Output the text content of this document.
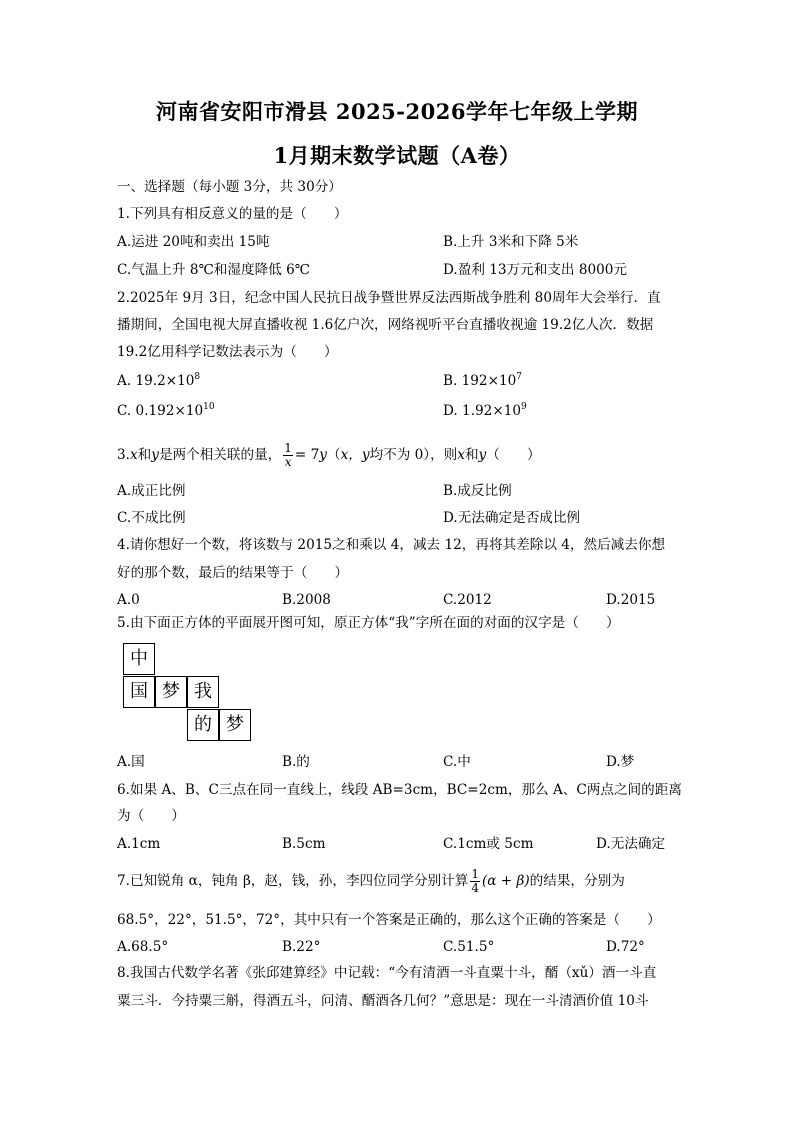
河南省安阳市滑县 2025-2026学年七年级上学期
1月期末数学试题（A卷）
一、选择题（每小题 3分，共 30分）
1.下列具有相反意义的量的是（　　）
A.运进 20吨和卖出 15吨	B.上升 3米和下降 5米
C.气温上升 8℃和湿度降低 6℃	D.盈利 13万元和支出 8000元
2.2025年 9月 3日，纪念中国人民抗日战争暨世界反法西斯战争胜利 80周年大会举行．直
播期间，全国电视大屏直播收视 1.6亿户次，网络视听平台直播收视逾 19.2亿人次．数据
19.2亿用科学记数法表示为（　　）
A. $19.2\times 10^8$	B. $192\times 10^7$
C. $0.192\times 10^{10}$	D. $1.92\times 10^9$
3.x和y是两个相关联的量， $\frac{1}{x} = 7y(x$，y均不为 0），则x和y（　　）
A.成正比例	B.成反比例
C.不成比例	D.无法确定是否成比例
4.请你想好一个数，将该数与 2015之和乘以 4，减去 12，再将其差除以 4，然后减去你想
好的那个数，最后的结果等于（　　）
A.0	B.2008	C.2012	D.2015
5.由下面正方体的平面展开图可知，原正方体“我”字所在面的对面的汉字是（　　）
中
国 梦 我
的 梦
A.国	B.的	C.中	D.梦
6.如果 A、B、C三点在同一直线上，线段 AB=3cm，BC=2cm，那么 A、C两点之间的距离
为（　　）
A.1cm	B.5cm	C.1cm或 5cm	D.无法确定
7.已知锐角 α，钝角 β，赵，钱，孙，李四位同学分别计算 $\frac{1}{4} (\alpha + \beta)$的结果，分别为
68.5°，22°，51.5°，72°，其中只有一个答案是正确的，那么这个正确的答案是（　　）
A.68.5°	B.22°	C.51.5°	D.72°
8.我国古代数学名著《张邱建算经》中记载：“今有清酒一斗直粟十斗，醑（xǔ）酒一斗直
粟三斗．今持粟三斛，得酒五斗，问清、醑酒各几何？”意思是：现在一斗清酒价值 10斗
